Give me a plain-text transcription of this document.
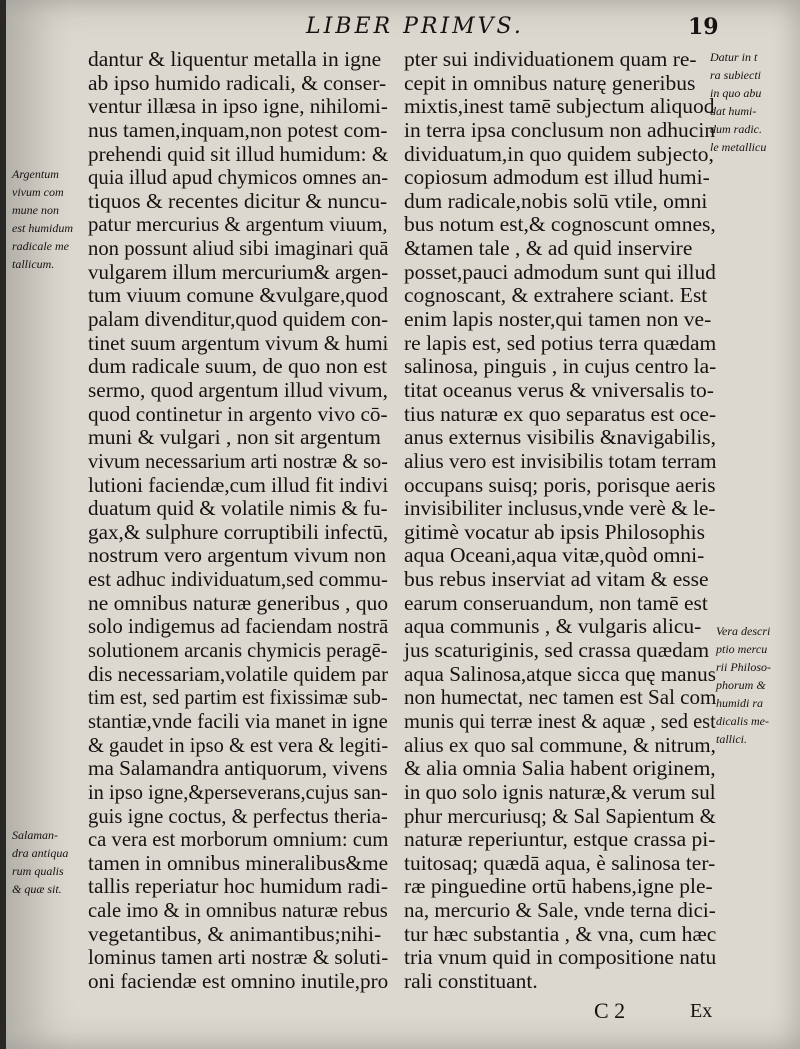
LIBER PRIMVS.	19
dantur & liquentur metalla in igne
ab ipso humido radicali, & conser-
ventur illæsa in ipso igne, nihilomi-
nus tamen,inquam,non potest com-
prehendi quid sit illud humidum: &
quia illud apud chymicos omnes an-
tiquos & recentes dicitur & nuncu-
patur mercurius & argentum viuum,
non possunt aliud sibi imaginari quā
vulgarem illum mercurium& argen-
tum viuum comune &vulgare,quod
palam divenditur,quod quidem con-
tinet suum argentum vivum & humi
dum radicale suum, de quo non est
sermo, quod argentum illud vivum,
quod continetur in argento vivo cō-
muni & vulgari , non sit argentum
vivum necessarium arti nostræ & so-
lutioni faciendæ,cum illud fit indivi
duatum quid & volatile nimis & fu-
gax,& sulphure corruptibili infectū,
nostrum vero argentum vivum non
est adhuc individuatum,sed commu-
ne omnibus naturæ generibus , quo
solo indigemus ad faciendam nostrā
solutionem arcanis chymicis peragē-
dis necessariam,volatile quidem par
tim est, sed partim est fixissimæ sub-
stantiæ,vnde facili via manet in igne
& gaudet in ipso & est vera & legiti-
ma Salamandra antiquorum, vivens
in ipso igne,&perseverans,cujus san-
guis igne coctus, & perfectus theria-
ca vera est morborum omnium: cum
tamen in omnibus mineralibus&me
tallis reperiatur hoc humidum radi-
cale imo & in omnibus naturæ rebus
vegetantibus, & animantibus;nihi-
lominus tamen arti nostræ & soluti-
oni faciendæ est omnino inutile,pro
pter sui individuationem quam re-
cepit in omnibus naturę generibus
mixtis,inest tamē subjectum aliquod
in terra ipsa conclusum non adhucin
dividuatum,in quo quidem subjecto,
copiosum admodum est illud humi-
dum radicale,nobis solū vtile, omni
bus notum est,& cognoscunt omnes,
&tamen tale , & ad quid inservire
posset,pauci admodum sunt qui illud
cognoscant, & extrahere sciant. Est
enim lapis noster,qui tamen non ve-
re lapis est, sed potius terra quædam
salinosa, pinguis , in cujus centro la-
titat oceanus verus & vniversalis to-
tius naturæ ex quo separatus est oce-
anus externus visibilis &navigabilis,
alius vero est invisibilis totam terram
occupans suisq; poris, porisque aeris
invisibiliter inclusus,vnde verè & le-
gitimè vocatur ab ipsis Philosophis
aqua Oceani,aqua vitæ,quòd omni-
bus rebus inserviat ad vitam & esse
earum conseruandum, non tamē est
aqua communis , & vulgaris alicu-
jus scaturiginis, sed crassa quædam
aqua Salinosa,atque sicca quę manus
non humectat, nec tamen est Sal com
munis qui terræ inest & aquæ , sed est
alius ex quo sal commune, & nitrum,
& alia omnia Salia habent originem,
in quo solo ignis naturæ,& verum sul
phur mercuriusq; & Sal Sapientum &
naturæ reperiuntur, estque crassa pi-
tuitosaq; quædā aqua, è salinosa ter-
ræ pinguedine ortū habens,igne ple-
na, mercurio & Sale, vnde terna dici-
tur hæc substantia , & vna, cum hæc
tria vnum quid in compositione natu
rali constituant.
Argentum
vivum com
mune non
est humidum
radicale me
tallicum.
Salaman-
dra antiqua
rum qualis
& quæ sit.
Datur in t
ra subiecti
in quo abu
dat humi-
dum radic.
le metallicu
Vera descri
ptio mercu
rii Philoso-
phorum &
humidi ra
dicalis me-
tallici.
C 2	Ex
